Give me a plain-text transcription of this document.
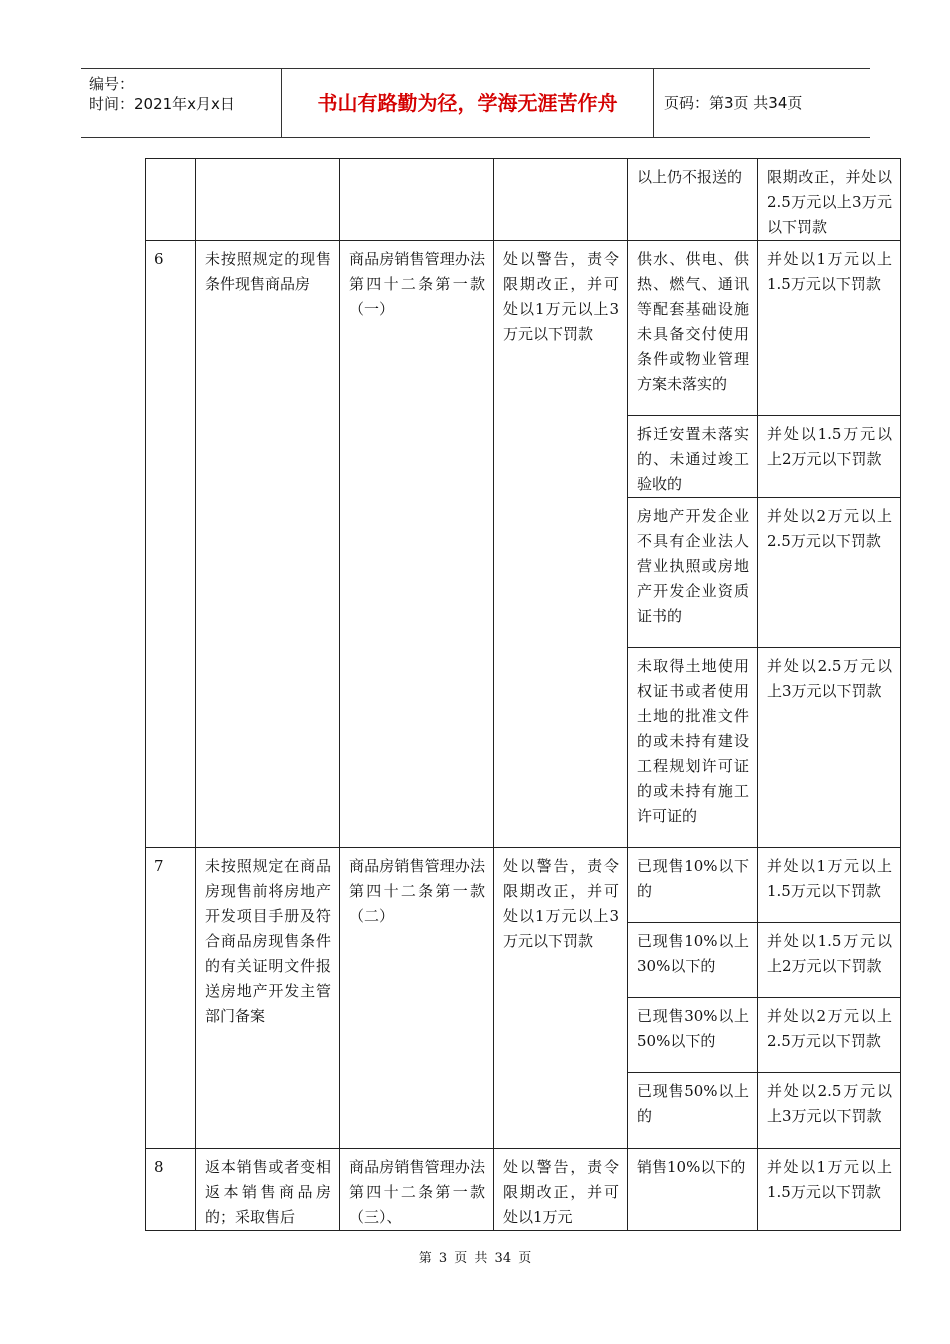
编号：
时间：2021年x月x日	书山有路勤为径，学海无涯苦作舟	页码：第3页 共34页
				以上仍不报送的	限期改正，并处以2.5万元以上3万元以下罚款
6	未按照规定的现售条件现售商品房	商品房销售管理办法第四十二条第一款（一）	处以警告，责令限期改正，并可处以1万元以上3万元以下罚款	供水、供电、供热、燃气、通讯等配套基础设施未具备交付使用条件或物业管理方案未落实的	并处以1万元以上1.5万元以下罚款
				拆迁安置未落实的、未通过竣工验收的	并处以1.5万元以上2万元以下罚款
				房地产开发企业不具有企业法人营业执照或房地产开发企业资质证书的	并处以2万元以上2.5万元以下罚款
				未取得土地使用权证书或者使用土地的批准文件的或未持有建设工程规划许可证的或未持有施工许可证的	并处以2.5万元以上3万元以下罚款
7	未按照规定在商品房现售前将房地产开发项目手册及符合商品房现售条件的有关证明文件报送房地产开发主管部门备案	商品房销售管理办法第四十二条第一款（二）	处以警告，责令限期改正，并可处以1万元以上3万元以下罚款	已现售10%以下的	并处以1万元以上1.5万元以下罚款
				已现售10%以上30%以下的	并处以1.5万元以上2万元以下罚款
				已现售30%以上50%以下的	并处以2万元以上2.5万元以下罚款
				已现售50%以上的	并处以2.5万元以上3万元以下罚款
8	返本销售或者变相返本销售商品房的；采取售后	商品房销售管理办法第四十二条第一款（三）、	处以警告，责令限期改正，并可处以1万元	销售10%以下的	并处以1万元以上1.5万元以下罚款
第 3 页 共 34 页
